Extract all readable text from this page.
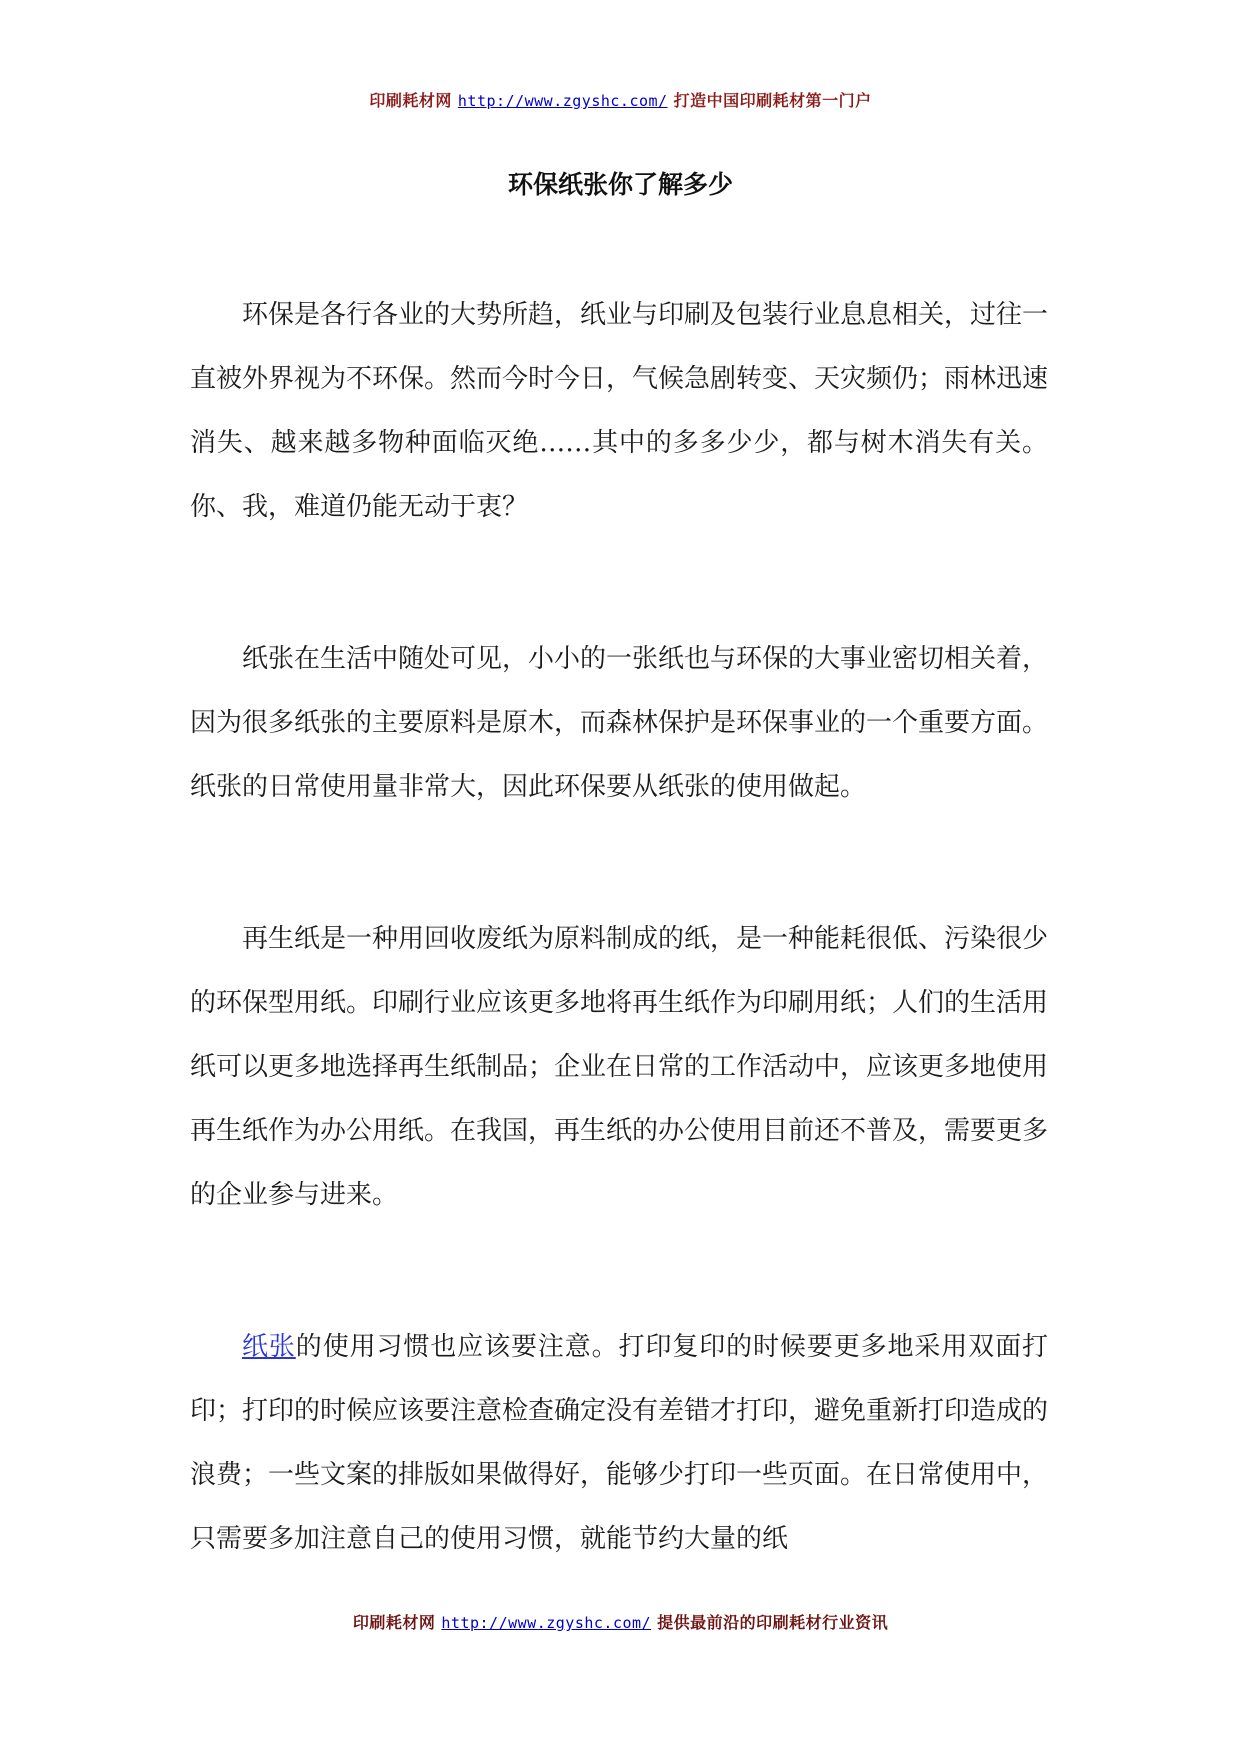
印刷耗材网 http://www.zgyshc.com/ 打造中国印刷耗材第一门户
环保纸张你了解多少

环保是各行各业的大势所趋，纸业与印刷及包装行业息息相关，过往一直被外界视为不环保。然而今时今日，气候急剧转变、天灾频仍；雨林迅速消失、越来越多物种面临灭绝……其中的多多少少，都与树木消失有关。你、我，难道仍能无动于衷？

纸张在生活中随处可见，小小的一张纸也与环保的大事业密切相关着，因为很多纸张的主要原料是原木，而森林保护是环保事业的一个重要方面。纸张的日常使用量非常大，因此环保要从纸张的使用做起。

再生纸是一种用回收废纸为原料制成的纸，是一种能耗很低、污染很少的环保型用纸。印刷行业应该更多地将再生纸作为印刷用纸；人们的生活用纸可以更多地选择再生纸制品；企业在日常的工作活动中，应该更多地使用再生纸作为办公用纸。在我国，再生纸的办公使用目前还不普及，需要更多的企业参与进来。

纸张的使用习惯也应该要注意。打印复印的时候要更多地采用双面打印；打印的时候应该要注意检查确定没有差错才打印，避免重新打印造成的浪费；一些文案的排版如果做得好，能够少打印一些页面。在日常使用中，只需要多加注意自己的使用习惯，就能节约大量的纸

印刷耗材网 http://www.zgyshc.com/ 提供最前沿的印刷耗材行业资讯
